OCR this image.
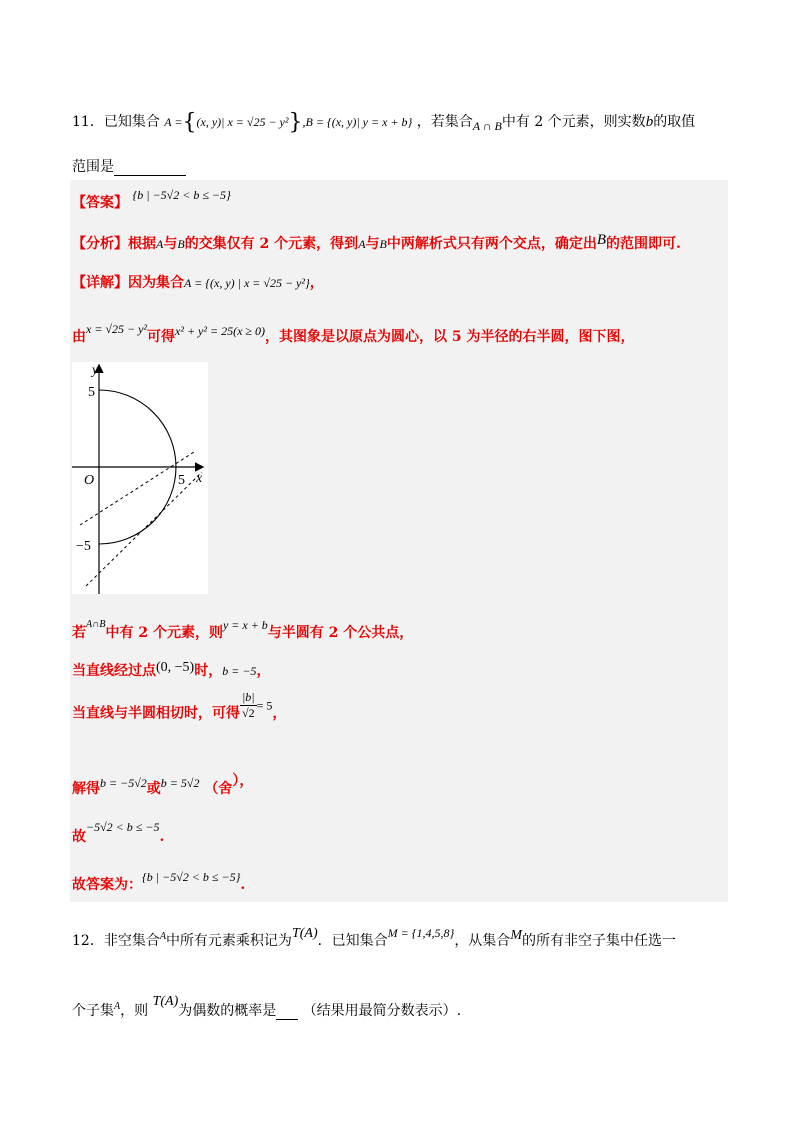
11．已知集合 A ={(x, y)| x = √25 − y²},B = {(x, y)| y = x + b} ，若集合A ∩ B中有 2 个元素，则实数b的取值
范围是
【答案】 {b | −5√2 < b ≤ −5}
【分析】根据A与B的交集仅有 2 个元素，得到A与B中两解析式只有两个交点，确定出B的范围即可.
【详解】因为集合A = {(x, y) | x = √25 − y²}，
由x = √25 − y²可得x² + y² = 25(x ≥ 0)，其图象是以原点为圆心，以 5 为半径的右半圆，图下图，
y
x
O
5
5
−5
若$^{A\cap B}$中有 2 个元素，则y = x + b与半圆有 2 个公共点，
当直线经过点(0, −5)时，b = −5，
当直线与半圆相切时，可得 $\frac{|b|}{√2} = 5$，
解得b = −5√2或b = 5√2 （舍），
故−5√2 < b ≤ −5.
故答案为：{b | −5√2 < b ≤ −5}.
12．非空集合$^A$中所有元素乘积记为T(A)．已知集合M = {1,4,5,8}，从集合M的所有非空子集中任选一
个子集$^A$，则 T(A)为偶数的概率是 （结果用最简分数表示）.
